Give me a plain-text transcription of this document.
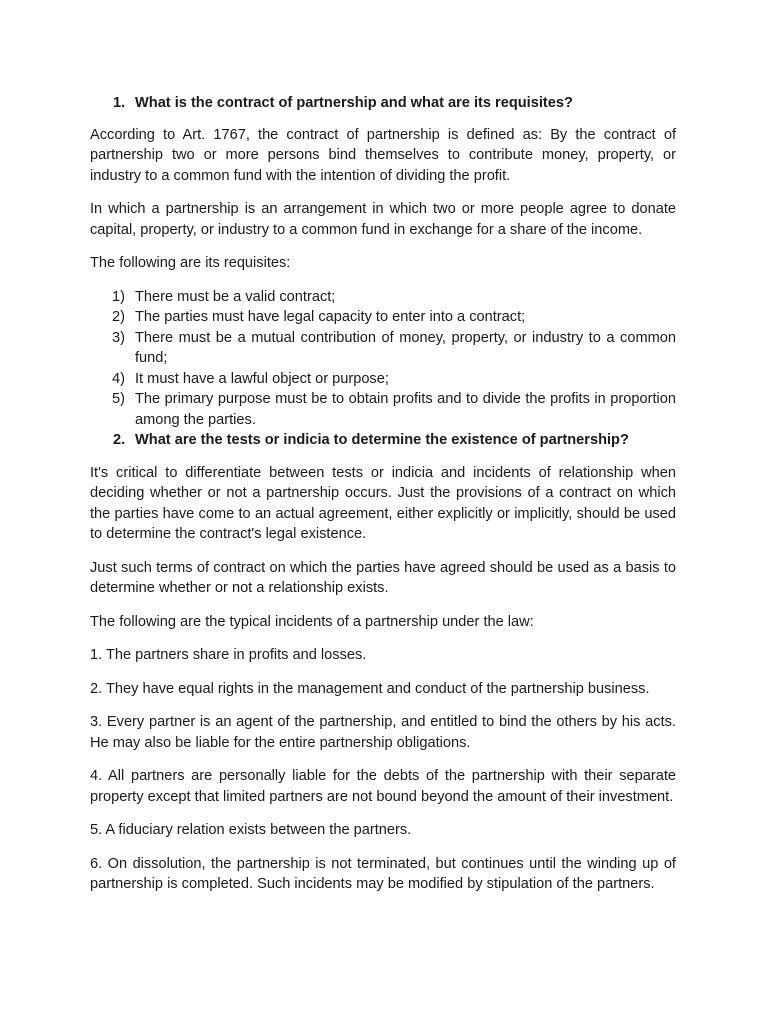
1. What is the contract of partnership and what are its requisites?

According to Art. 1767, the contract of partnership is defined as: By the contract of partnership two or more persons bind themselves to contribute money, property, or industry to a common fund with the intention of dividing the profit.

In which a partnership is an arrangement in which two or more people agree to donate capital, property, or industry to a common fund in exchange for a share of the income.

The following are its requisites:

1) There must be a valid contract;
2) The parties must have legal capacity to enter into a contract;
3) There must be a mutual contribution of money, property, or industry to a common fund;
4) It must have a lawful object or purpose;
5) The primary purpose must be to obtain profits and to divide the profits in proportion among the parties.
2. What are the tests or indicia to determine the existence of partnership?

It's critical to differentiate between tests or indicia and incidents of relationship when deciding whether or not a partnership occurs. Just the provisions of a contract on which the parties have come to an actual agreement, either explicitly or implicitly, should be used to determine the contract's legal existence.

Just such terms of contract on which the parties have agreed should be used as a basis to determine whether or not a relationship exists.

The following are the typical incidents of a partnership under the law:

1. The partners share in profits and losses.

2. They have equal rights in the management and conduct of the partnership business.

3. Every partner is an agent of the partnership, and entitled to bind the others by his acts. He may also be liable for the entire partnership obligations.

4. All partners are personally liable for the debts of the partnership with their separate property except that limited partners are not bound beyond the amount of their investment.

5. A fiduciary relation exists between the partners.

6. On dissolution, the partnership is not terminated, but continues until the winding up of partnership is completed. Such incidents may be modified by stipulation of the partners.
